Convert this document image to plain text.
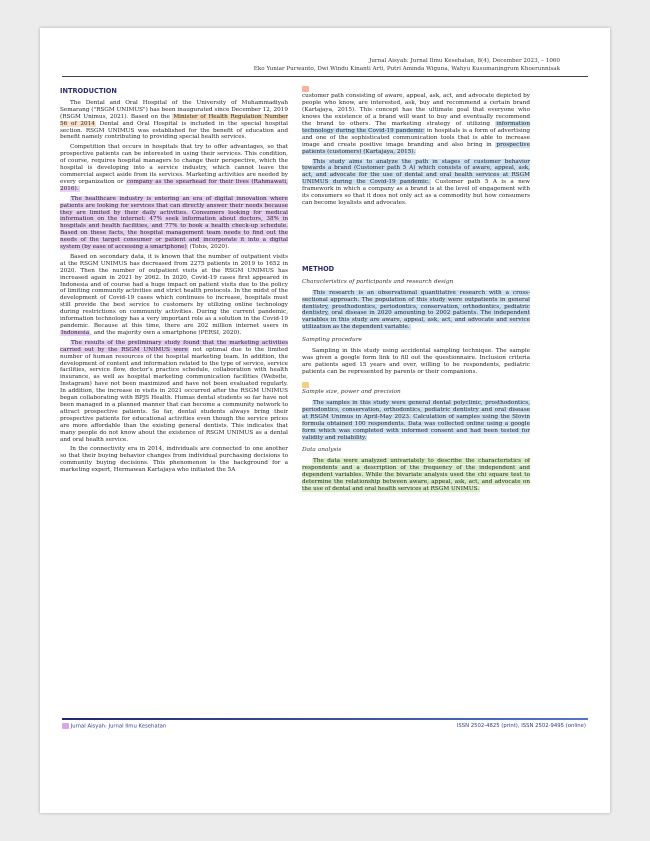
Jurnal Aisyah: Jurnal Ilmu Kesehatan, 8(4), December 2023, – 1060
Eko Yuniar Purwanto, Dwi Windu Kinanti Arti, Putri Aminda Wiguna, Wahyu Kusumaningrum Khoerunnisak
INTRODUCTION

The Dental and Oral Hospital of the University of Muhammadiyah Semarang ("RSGM UNIMUS") has been inaugurated since December 12, 2019 (RSGM Unimus, 2021). Based on the Minister of Health Regulation Number 56 of 2014 Dental and Oral Hospital is included in the special hospital section. RSGM UNIMUS was established for the benefit of education and benefit namely contributing to providing special health services.

Competition that occurs in hospitals that try to offer advantages, so that prospective patients can be interested in using their services. This condition, of course, requires hospital managers to change their perspective, which the hospital is developing into a service industry, which cannot leave the commercial aspect aside from its services. Marketing activities are needed by every organization or company as the spearhead for their lives (Rahmawati, 2016).

The healthcare industry is entering an era of digital innovation where patients are looking for services that can directly answer their needs because they are limited by their daily activities. Consumers looking for medical information on the internet: 47% seek information about doctors, 38% in hospitals and health facilities, and 77% to book a health check-up schedule. Based on these facts, the hospital management team needs to find out the needs of the target consumer or patient and incorporate it into a digital system (by ease of accessing a smartphone) (Tobis, 2020).

Based on secondary data, it is known that the number of outpatient visits at the RSGM UNIMUS has decreased from 2275 patients in 2019 to 1652 in 2020. Then the number of outpatient visits at the RSGM UNIMUS has increased again in 2021 by 2062. In 2020, Covid-19 cases first appeared in Indonesia and of course had a huge impact on patient visits due to the policy of limiting community activities and strict health protocols. In the midst of the development of Covid-19 cases which continues to increase, hospitals must still provide the best service to customers by utilizing online technology during restrictions on community activities. During the current pandemic, information technology has a very important role as a solution in the Covid-19 pandemic. Because at this time, there are 202 million internet users in Indonesia, and the majority own a smartphone (PERSI, 2020).

The results of the preliminary study found that the marketing activities carried out by the RSGM UNIMUS were not optimal due to the limited number of human resources of the hospital marketing team. In addition, the development of content and information related to the type of service, service facilities, service flow, doctor's practice schedule, collaboration with health insurance, as well as hospital marketing communication facilities (Website, Instagram) have not been maximized and have not been evaluated regularly. In addition, the increase in visits in 2021 occurred after the RSGM UNIMUS began collaborating with BPJS Health. Humas dental students so far have not been managed in a planned manner that can become a community network to attract prospective patients. So far, dental students always bring their prospective patients for educational activities even though the service prices are more affordable than the existing general dentists. This indicates that many people do not know about the existence of RSGM UNIMUS as a dental and oral health service.

In the connectivity era in 2014, individuals are connected to one another so that their buying behavior changes from individual purchasing decisions to community buying decisions. This phenomenon is the background for a marketing expert, Hermawan Kartajaya who initiated the 5A

customer path consisting of aware, appeal, ask, act, and advocate depicted by people who know, are interested, ask, buy and recommend a certain brand (Kartajaya, 2015). This concept has the ultimate goal that everyone who knows the existence of a brand will want to buy and eventually recommend the brand to others. The marketing strategy of utilizing information technology during the Covid-19 pandemic in hospitals is a form of advertising and one of the sophisticated communication tools that is able to increase image and create positive image branding and also bring in prospective patients (customers) (Kartajaya, 2015).

This study aims to analyze the path in stages of customer behavior towards a brand (Customer path 5 A) which consists of aware, appeal, ask, act, and advocate for the use of dental and oral health services at RSGM UNIMUS during the Covid-19 pandemic. Customer path 5 A is a new framework in which a company as a brand is at the level of engagement with its consumers so that it does not only act as a commodity but how consumers can become loyalists and advocates.

METHOD
Characteristics of participants and research design

This research is an observational quantitative research with a cross-sectional approach. The population of this study were outpatients in general dentistry, prosthodontics, periodontics, conservation, orthodontics, pediatric dentistry, oral disease in 2020 amounting to 2002 patients. The independent variables in this study are aware, appeal, ask, act, and advocate and service utilization as the dependent variable.

Sampling procedure

Sampling in this study using accidental sampling technique. The sample was given a google form link to fill out the questionnaire. Inclusion criteria are patients aged 15 years and over, willing to be respondents, pediatric patients can be represented by parents or their companions.

Sample size, power and precision

The samples in this study were general dental polyclinic, prosthodontics, periodontics, conservation, orthodontics, pediatric dentistry and oral disease at RSGM Unimus in April-May 2023. Calculation of samples using the Slovin formula obtained 100 respondents. Data was collected online using a google form which was completed with informed consent and had been tested for validity and reliability.

Data analysis

The data were analyzed univariately to describe the characteristics of respondents and a description of the frequency of the independent and dependent variables. While the bivariate analysis used the chi square test to determine the relationship between aware, appeal, ask, act, and advocate on the use of dental and oral health services at RSGM UNIMUS.

Jurnal Aisyah: Jurnal Ilmu Kesehatan	ISSN 2502-4825 (print), ISSN 2502-9495 (online)
